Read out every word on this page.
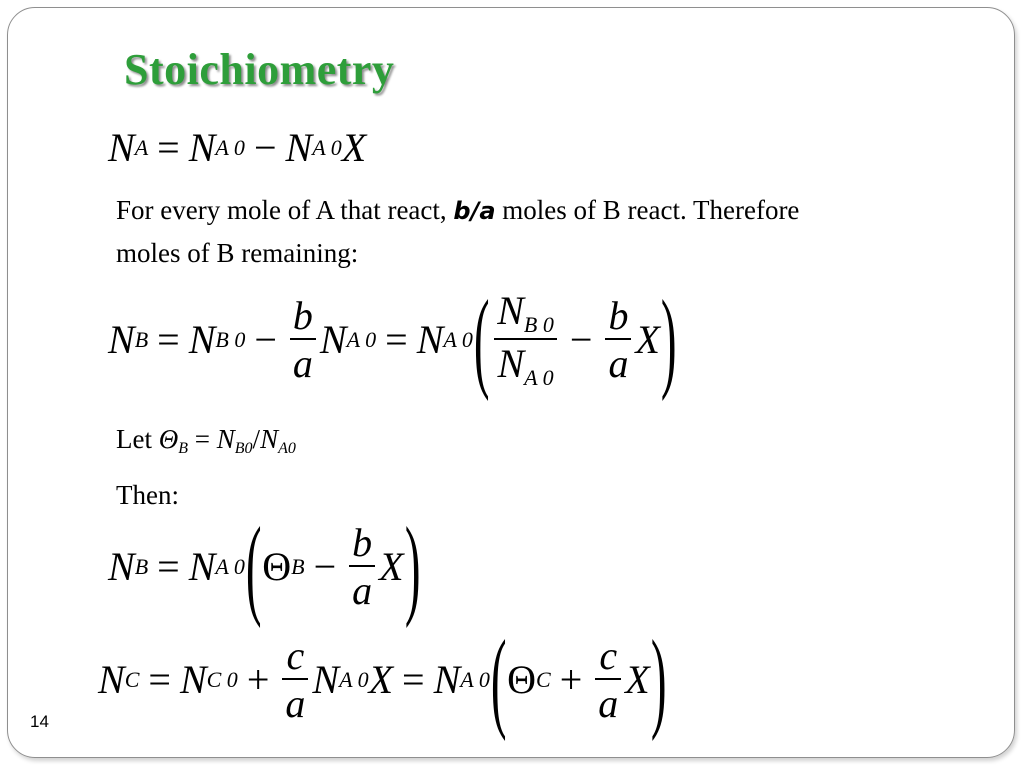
Stoichiometry
N A = N A 0 − N A 0 X

For every mole of A that react, b/a moles of B react. Therefore
moles of B remaining:

N B = N B $0 - \frac{b}{a}$ N A 0 = N A 0 ( $\frac{N_{B 0}}{N_{A 0}} - \frac{b}{a}$ X )
Let $\Theta_B = N_{B0}/N_{A0}$

Then:

N B = N A 0 ( Θ $B - \frac{b}{a}$ X )
N C = N C $0 + \frac{c}{a}$ N A 0 X = N A 0 ( Θ $C + \frac{c}{a}$ X )
14
